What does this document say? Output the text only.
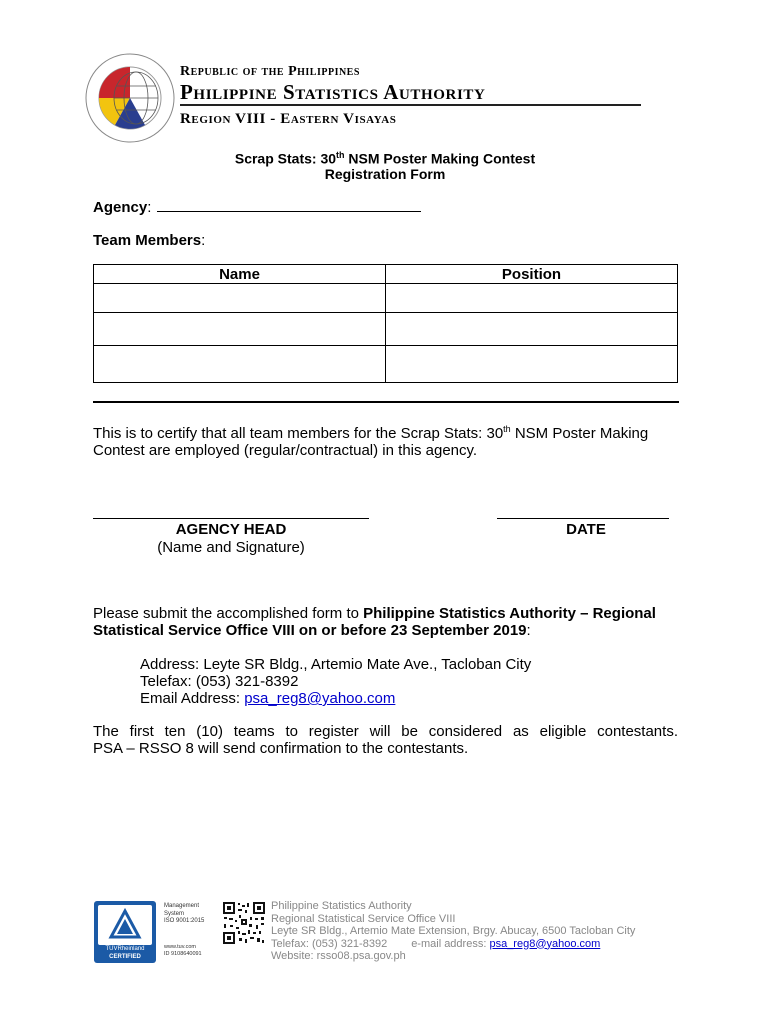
Republic of the Philippines
Philippine Statistics Authority
Region VIII - Eastern Visayas
Scrap Stats: 30th NSM Poster Making Contest
Registration Form
Agency:
Team Members:
Name	Position

This is to certify that all team members for the Scrap Stats: 30th NSM Poster Making
Contest are employed (regular/contractual) in this agency.
AGENCY HEAD
(Name and Signature)
DATE
Please submit the accomplished form to Philippine Statistics Authority – Regional Statistical Service Office VIII on or before 23 September 2019:
Address: Leyte SR Bldg., Artemio Mate Ave., Tacloban City
Telefax: (053) 321-8392
Email Address: psa_reg8@yahoo.com
The first ten (10) teams to register will be considered as eligible contestants.
PSA – RSSO 8 will send confirmation to the contestants.
TÜVRheinland
CERTIFIED
Management
System
ISO 9001:2015
www.tuv.com
ID 9108640091
Philippine Statistics Authority
Regional Statistical Service Office VIII
Leyte SR Bldg., Artemio Mate Extension, Brgy. Abucay, 6500 Tacloban City
Telefax: (053) 321-8392 e-mail address: psa_reg8@yahoo.com
Website: rsso08.psa.gov.ph
